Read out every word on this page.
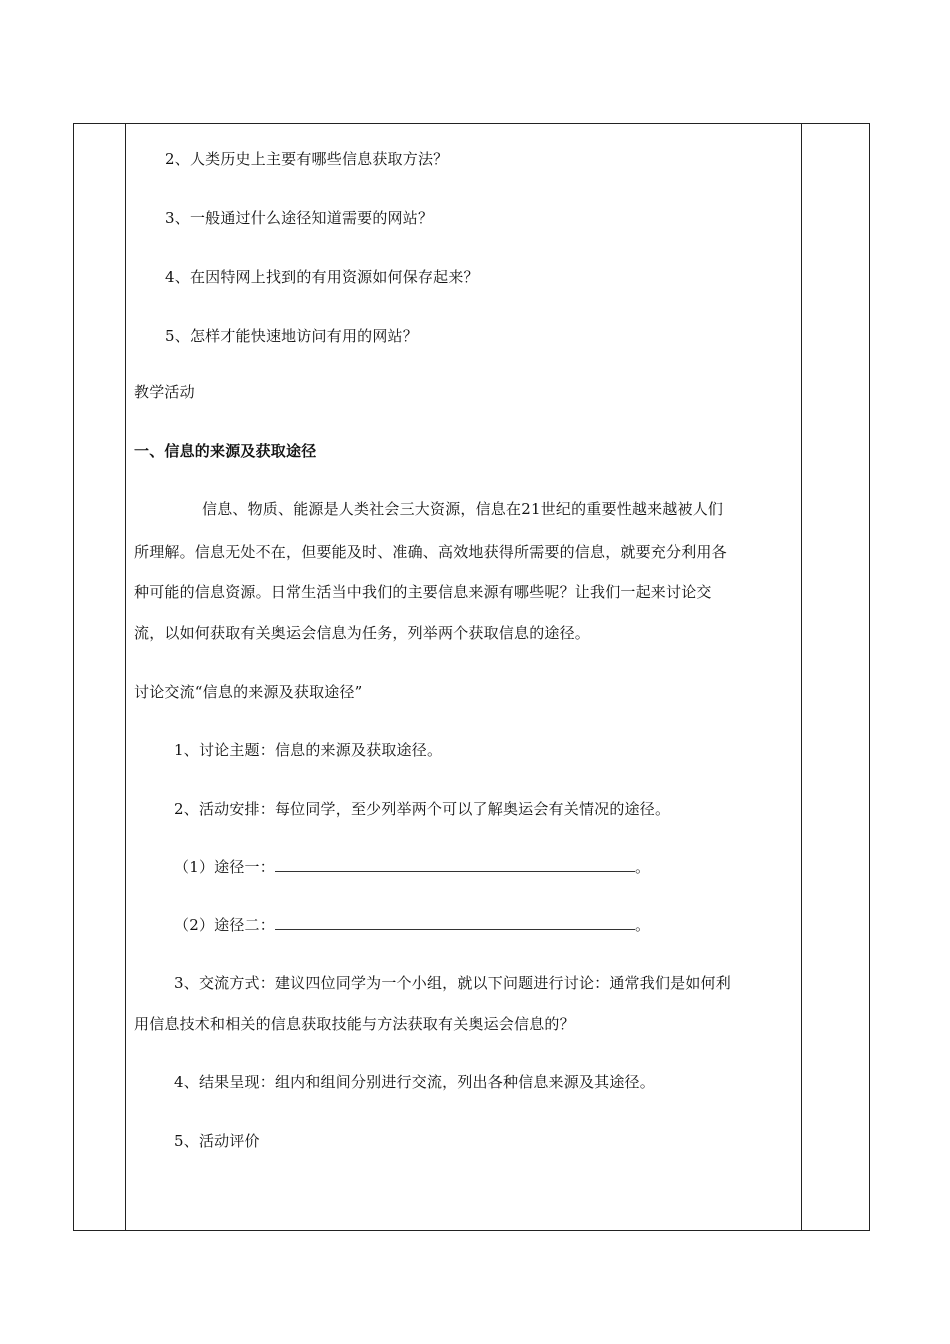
2、人类历史上主要有哪些信息获取方法？
3、一般通过什么途径知道需要的网站？
4、在因特网上找到的有用资源如何保存起来？
5、怎样才能快速地访问有用的网站？
教学活动
一、信息的来源及获取途径
信息、物质、能源是人类社会三大资源，信息在21世纪的重要性越来越被人们
所理解。信息无处不在，但要能及时、准确、高效地获得所需要的信息，就要充分利用各
种可能的信息资源。日常生活当中我们的主要信息来源有哪些呢？让我们一起来讨论交
流，以如何获取有关奥运会信息为任务，列举两个获取信息的途径。
讨论交流“信息的来源及获取途径”
1、讨论主题：信息的来源及获取途径。
2、活动安排：每位同学，至少列举两个可以了解奥运会有关情况的途径。
（1）途径一：	。
（2）途径二：	。
3、交流方式：建议四位同学为一个小组，就以下问题进行讨论：通常我们是如何利
用信息技术和相关的信息获取技能与方法获取有关奥运会信息的？
4、结果呈现：组内和组间分别进行交流，列出各种信息来源及其途径。
5、活动评价
